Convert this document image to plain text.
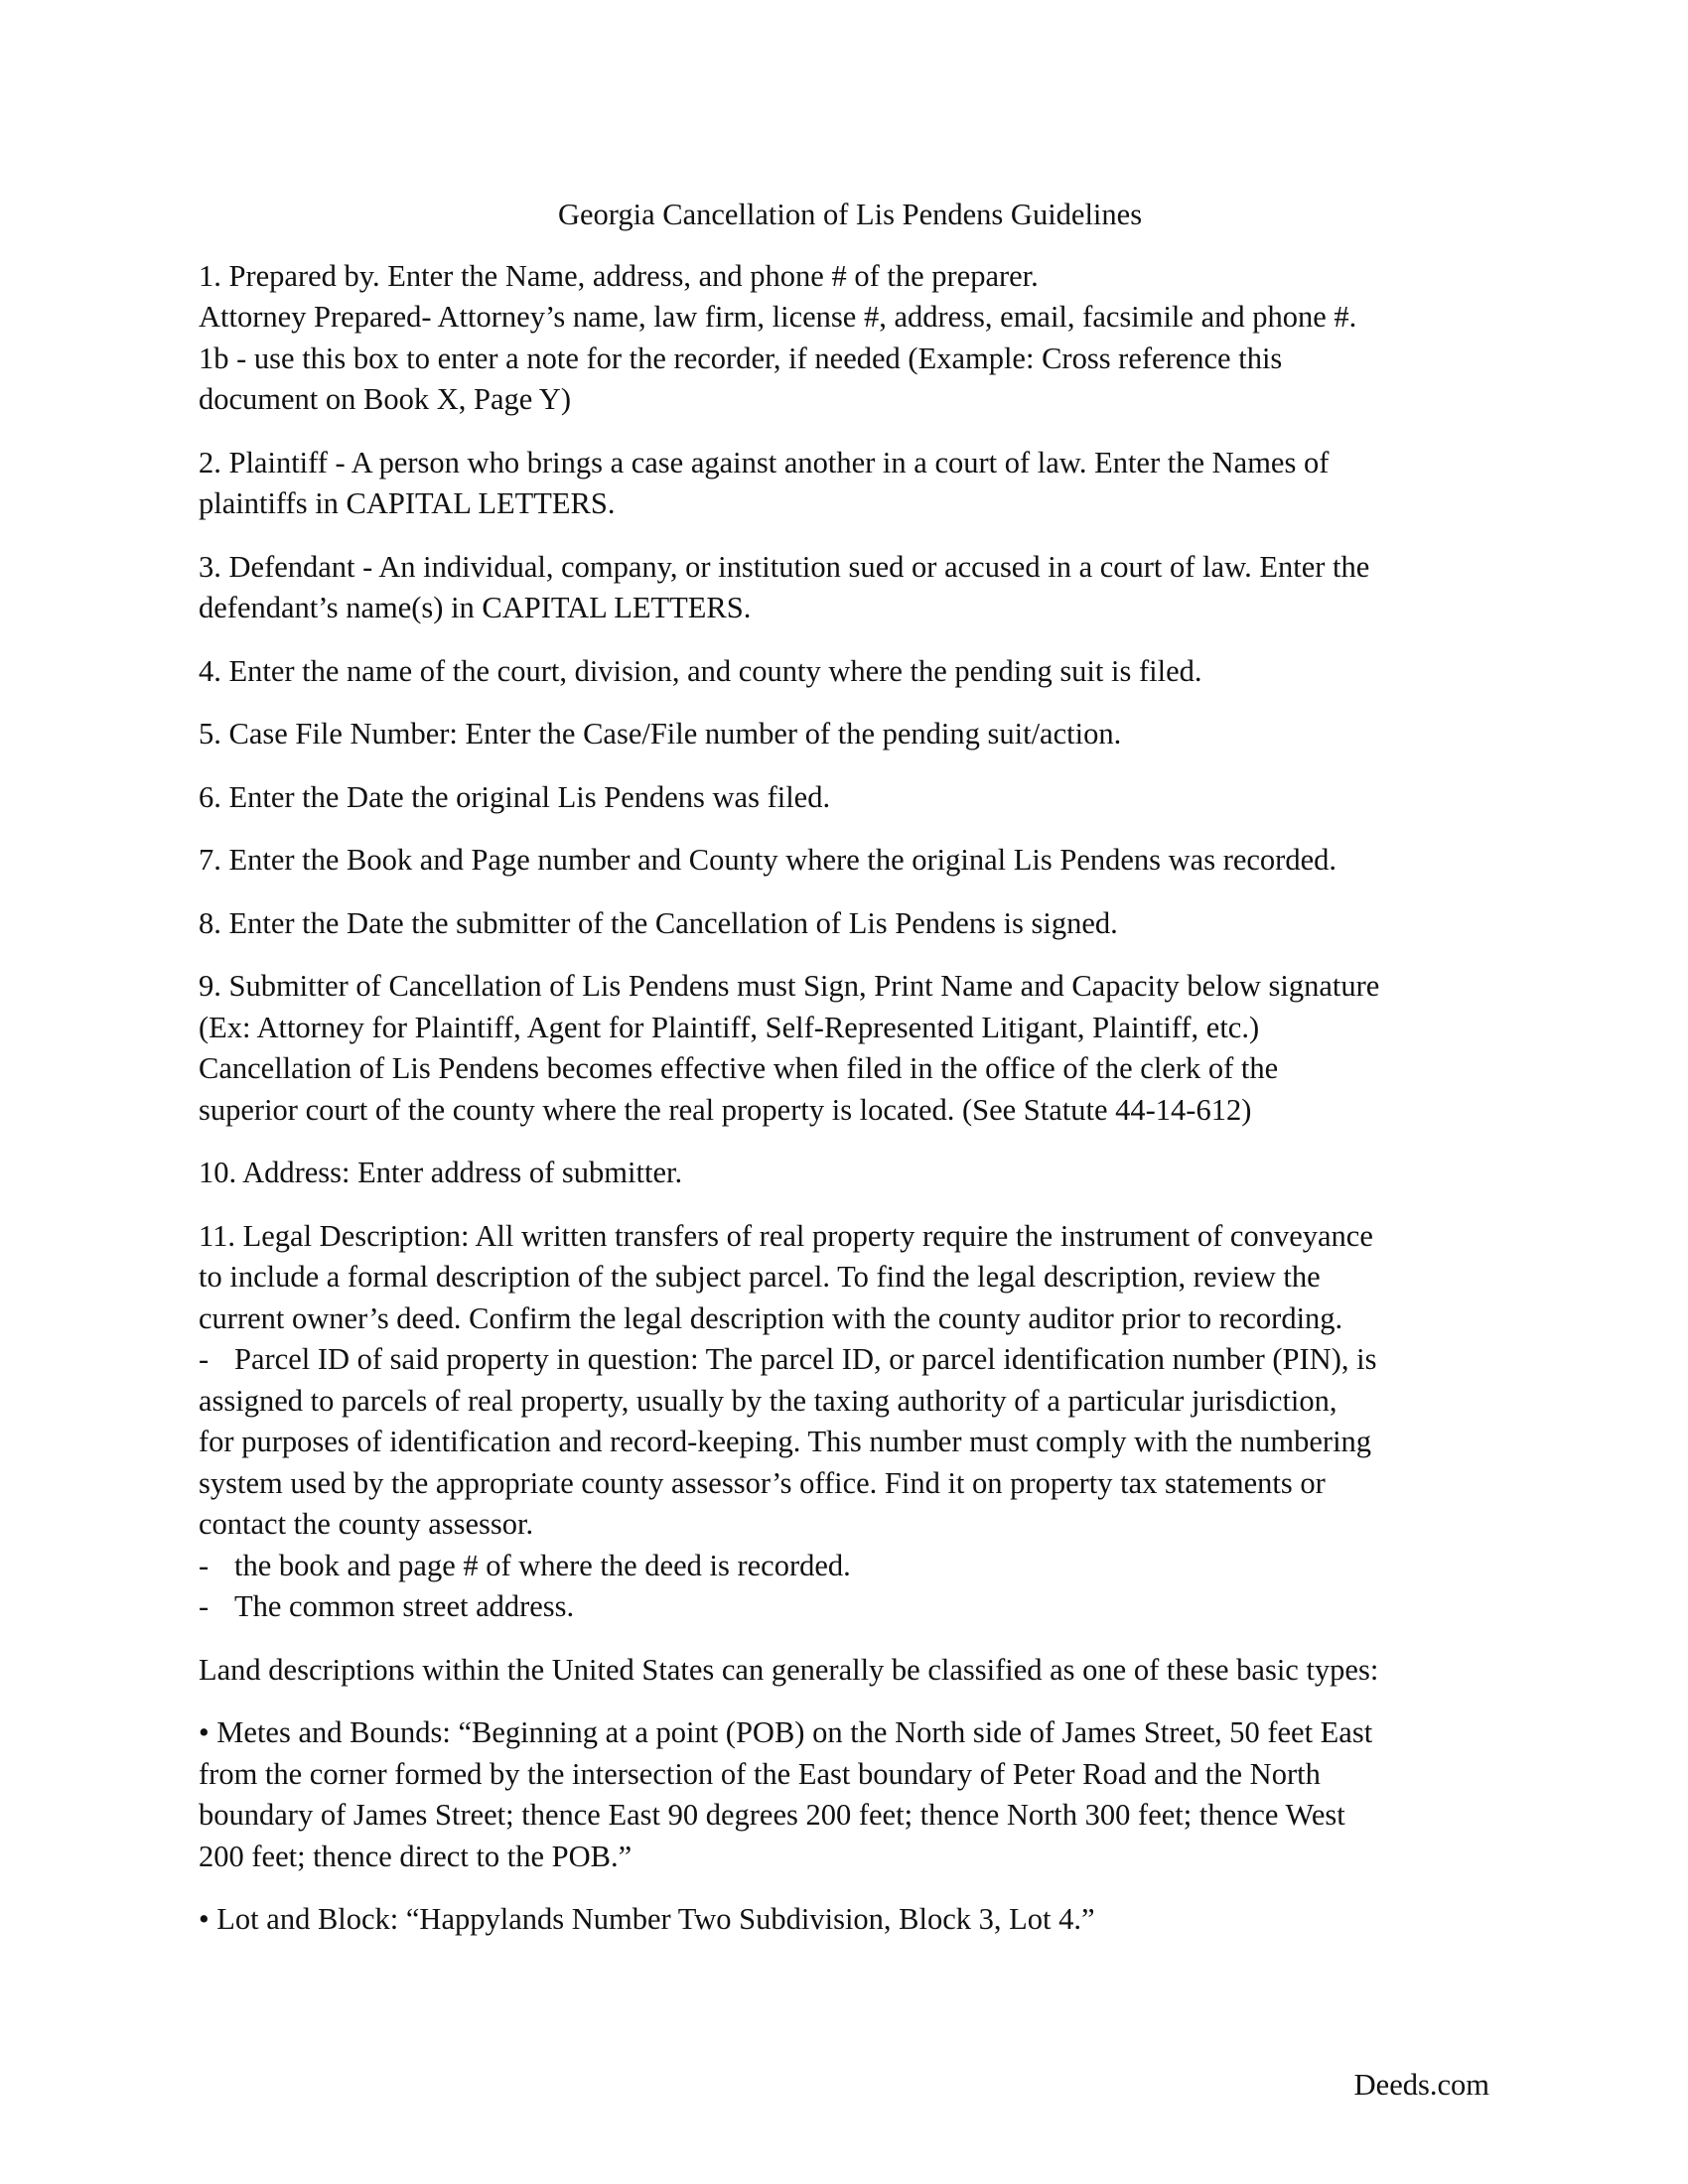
Georgia Cancellation of Lis Pendens Guidelines
1. Prepared by. Enter the Name, address, and phone # of the preparer.
Attorney Prepared- Attorney’s name, law firm, license #, address, email, facsimile and phone #.
1b - use this box to enter a note for the recorder, if needed (Example: Cross reference this
document on Book X, Page Y)
2. Plaintiff - A person who brings a case against another in a court of law. Enter the Names of
plaintiffs in CAPITAL LETTERS.
3. Defendant - An individual, company, or institution sued or accused in a court of law. Enter the
defendant’s name(s) in CAPITAL LETTERS.
4. Enter the name of the court, division, and county where the pending suit is filed.
5. Case File Number: Enter the Case/File number of the pending suit/action.
6. Enter the Date the original Lis Pendens was filed.
7. Enter the Book and Page number and County where the original Lis Pendens was recorded.
8. Enter the Date the submitter of the Cancellation of Lis Pendens is signed.
9. Submitter of Cancellation of Lis Pendens must Sign, Print Name and Capacity below signature
(Ex: Attorney for Plaintiff, Agent for Plaintiff, Self-Represented Litigant, Plaintiff, etc.)
Cancellation of Lis Pendens becomes effective when filed in the office of the clerk of the
superior court of the county where the real property is located. (See Statute 44-14-612)
10. Address: Enter address of submitter.
11. Legal Description: All written transfers of real property require the instrument of conveyance
to include a formal description of the subject parcel. To find the legal description, review the
current owner’s deed. Confirm the legal description with the county auditor prior to recording.
- Parcel ID of said property in question: The parcel ID, or parcel identification number (PIN), is
assigned to parcels of real property, usually by the taxing authority of a particular jurisdiction,
for purposes of identification and record-keeping. This number must comply with the numbering
system used by the appropriate county assessor’s office. Find it on property tax statements or
contact the county assessor.
- the book and page # of where the deed is recorded.
- The common street address.
Land descriptions within the United States can generally be classified as one of these basic types:
• Metes and Bounds: “Beginning at a point (POB) on the North side of James Street, 50 feet East
from the corner formed by the intersection of the East boundary of Peter Road and the North
boundary of James Street; thence East 90 degrees 200 feet; thence North 300 feet; thence West
200 feet; thence direct to the POB.”
• Lot and Block: “Happylands Number Two Subdivision, Block 3, Lot 4.”
Deeds.com
